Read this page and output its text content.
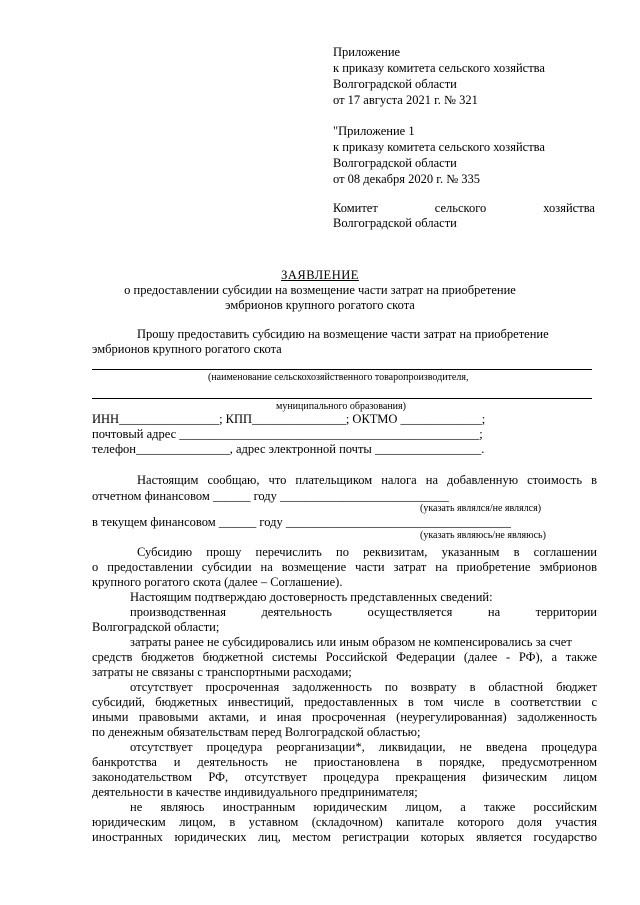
Приложение
к приказу комитета сельского хозяйства
Волгоградской области
от 17 августа 2021 г. № 321
"Приложение 1
к приказу комитета сельского хозяйства
Волгоградской области
от 08 декабря 2020 г. № 335
Комитет	сельского	хозяйства
Волгоградской области
ЗАЯВЛЕНИЕ
о предоставлении субсидии на возмещение части затрат на приобретение
эмбрионов крупного рогатого скота
Прошу предоставить субсидию на возмещение части затрат на приобретение
эмбрионов крупного рогатого скота
(наименование сельскохозяйственного товаропроизводителя,
муниципального образования)
ИНН________________; КПП_______________; ОКТМО _____________;
почтовый адрес ________________________________________________;
телефон_______________, адрес электронной почты _________________.
Настоящим сообщаю, что плательщиком налога на добавленную стоимость в
отчетном финансовом ______ году ___________________________
(указать являлся/не являлся)
в текущем финансовом ______ году ____________________________________
(указать являюсь/не являюсь)
Субсидию прошу перечислить по реквизитам, указанным в соглашении
о предоставлении субсидии на возмещение части затрат на приобретение эмбрионов
крупного рогатого скота (далее – Соглашение).
Настоящим подтверждаю достоверность представленных сведений:
производственная деятельность осуществляется на территории
Волгоградской области;
затраты ранее не субсидировались или иным образом не компенсировались за счет
средств бюджетов бюджетной системы Российской Федерации (далее - РФ), а также
затраты не связаны с транспортными расходами;
отсутствует просроченная задолженность по возврату в областной бюджет
субсидий, бюджетных инвестиций, предоставленных в том числе в соответствии с
иными правовыми актами, и иная просроченная (неурегулированная) задолженность
по денежным обязательствам перед Волгоградской областью;
отсутствует процедура реорганизации*, ликвидации, не введена процедура
банкротства и деятельность не приостановлена в порядке, предусмотренном
законодательством РФ, отсутствует процедура прекращения физическим лицом
деятельности в качестве индивидуального предпринимателя;
не являюсь иностранным юридическим лицом, а также российским
юридическим лицом, в уставном (складочном) капитале которого доля участия
иностранных юридических лиц, местом регистрации которых является государство
